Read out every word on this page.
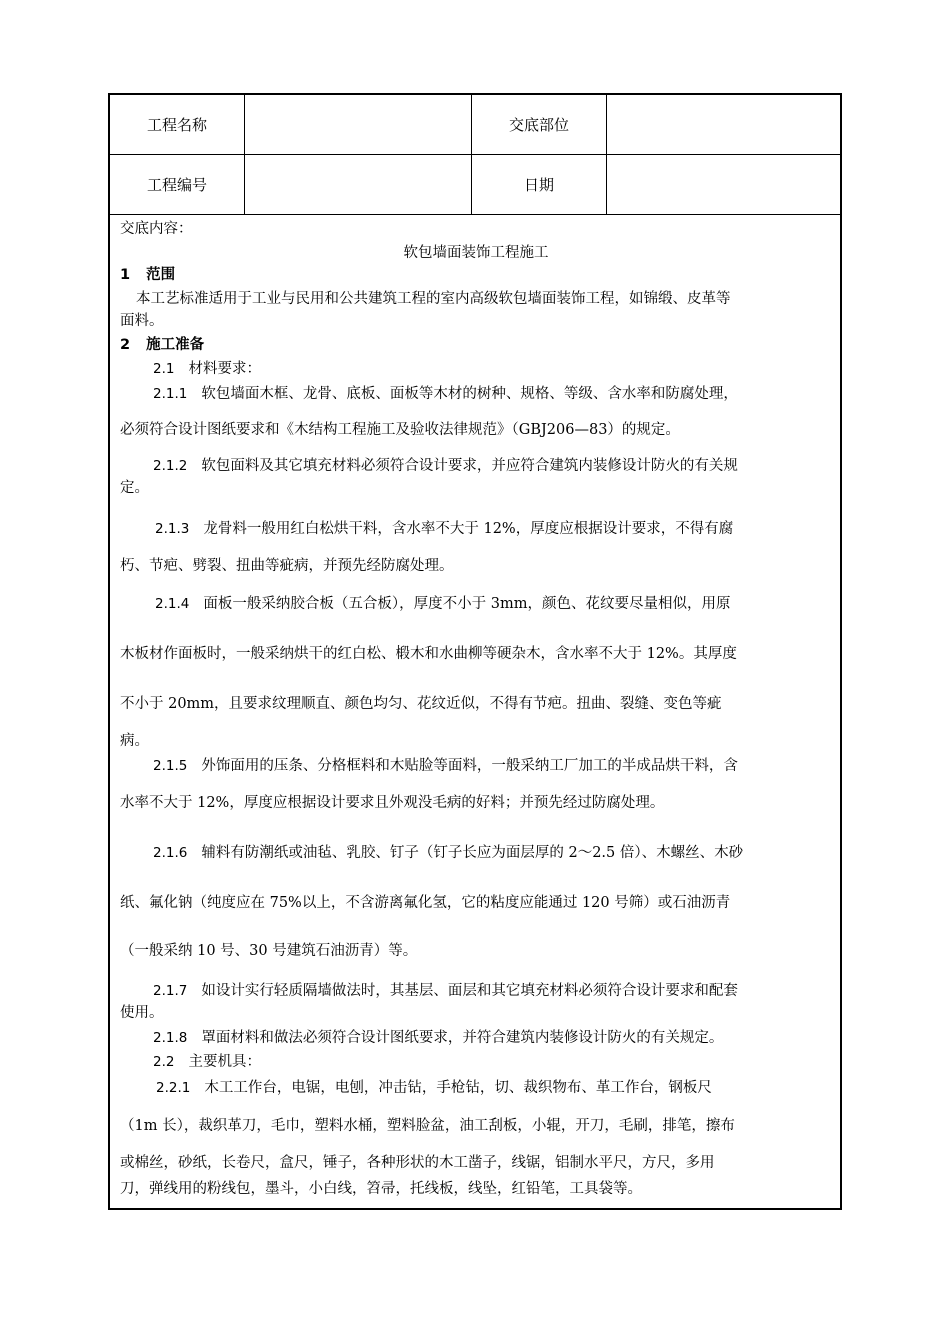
工程名称	交底部位
工程编号	日期
交底内容：
软包墙面装饰工程施工
1 范围
本工艺标准适用于工业与民用和公共建筑工程的室内高级软包墙面装饰工程，如锦缎、皮革等
面料。
2 施工准备
2.1 材料要求：
2.1.1 软包墙面木框、龙骨、底板、面板等木材的树种、规格、等级、含水率和防腐处理，
必须符合设计图纸要求和《木结构工程施工及验收法律规范》（GBJ206—83）的规定。
2.1.2 软包面料及其它填充材料必须符合设计要求，并应符合建筑内装修设计防火的有关规
定。
2.1.3 龙骨料一般用红白松烘干料，含水率不大于 12%，厚度应根据设计要求，不得有腐
朽、节疤、劈裂、扭曲等疵病，并预先经防腐处理。
2.1.4 面板一般采纳胶合板（五合板），厚度不小于 3mm，颜色、花纹要尽量相似，用原
木板材作面板时，一般采纳烘干的红白松、椴木和水曲柳等硬杂木，含水率不大于 12%。其厚度
不小于 20mm，且要求纹理顺直、颜色均匀、花纹近似，不得有节疤。扭曲、裂缝、变色等疵
病。
2.1.5 外饰面用的压条、分格框料和木贴脸等面料，一般采纳工厂加工的半成品烘干料，含
水率不大于 12%，厚度应根据设计要求且外观没毛病的好料；并预先经过防腐处理。
2.1.6 辅料有防潮纸或油毡、乳胶、钉子（钉子长应为面层厚的 2～2.5 倍）、木螺丝、木砂
纸、氟化钠（纯度应在 75%以上，不含游离氟化氢，它的粘度应能通过 120 号筛）或石油沥青
（一般采纳 10 号、30 号建筑石油沥青）等。
2.1.7 如设计实行轻质隔墙做法时，其基层、面层和其它填充材料必须符合设计要求和配套
使用。
2.1.8 罩面材料和做法必须符合设计图纸要求，并符合建筑内装修设计防火的有关规定。
2.2 主要机具：
2.2.1 木工工作台，电锯，电刨，冲击钻，手枪钻，切、裁织物布、革工作台，钢板尺
（1m 长），裁织革刀，毛巾，塑料水桶，塑料脸盆，油工刮板，小辊，开刀，毛刷，排笔，擦布
或棉丝，砂纸，长卷尺，盒尺，锤子，各种形状的木工凿子，线锯，铝制水平尺，方尺，多用
刀，弹线用的粉线包，墨斗，小白线，笤帚，托线板，线坠，红铅笔，工具袋等。
